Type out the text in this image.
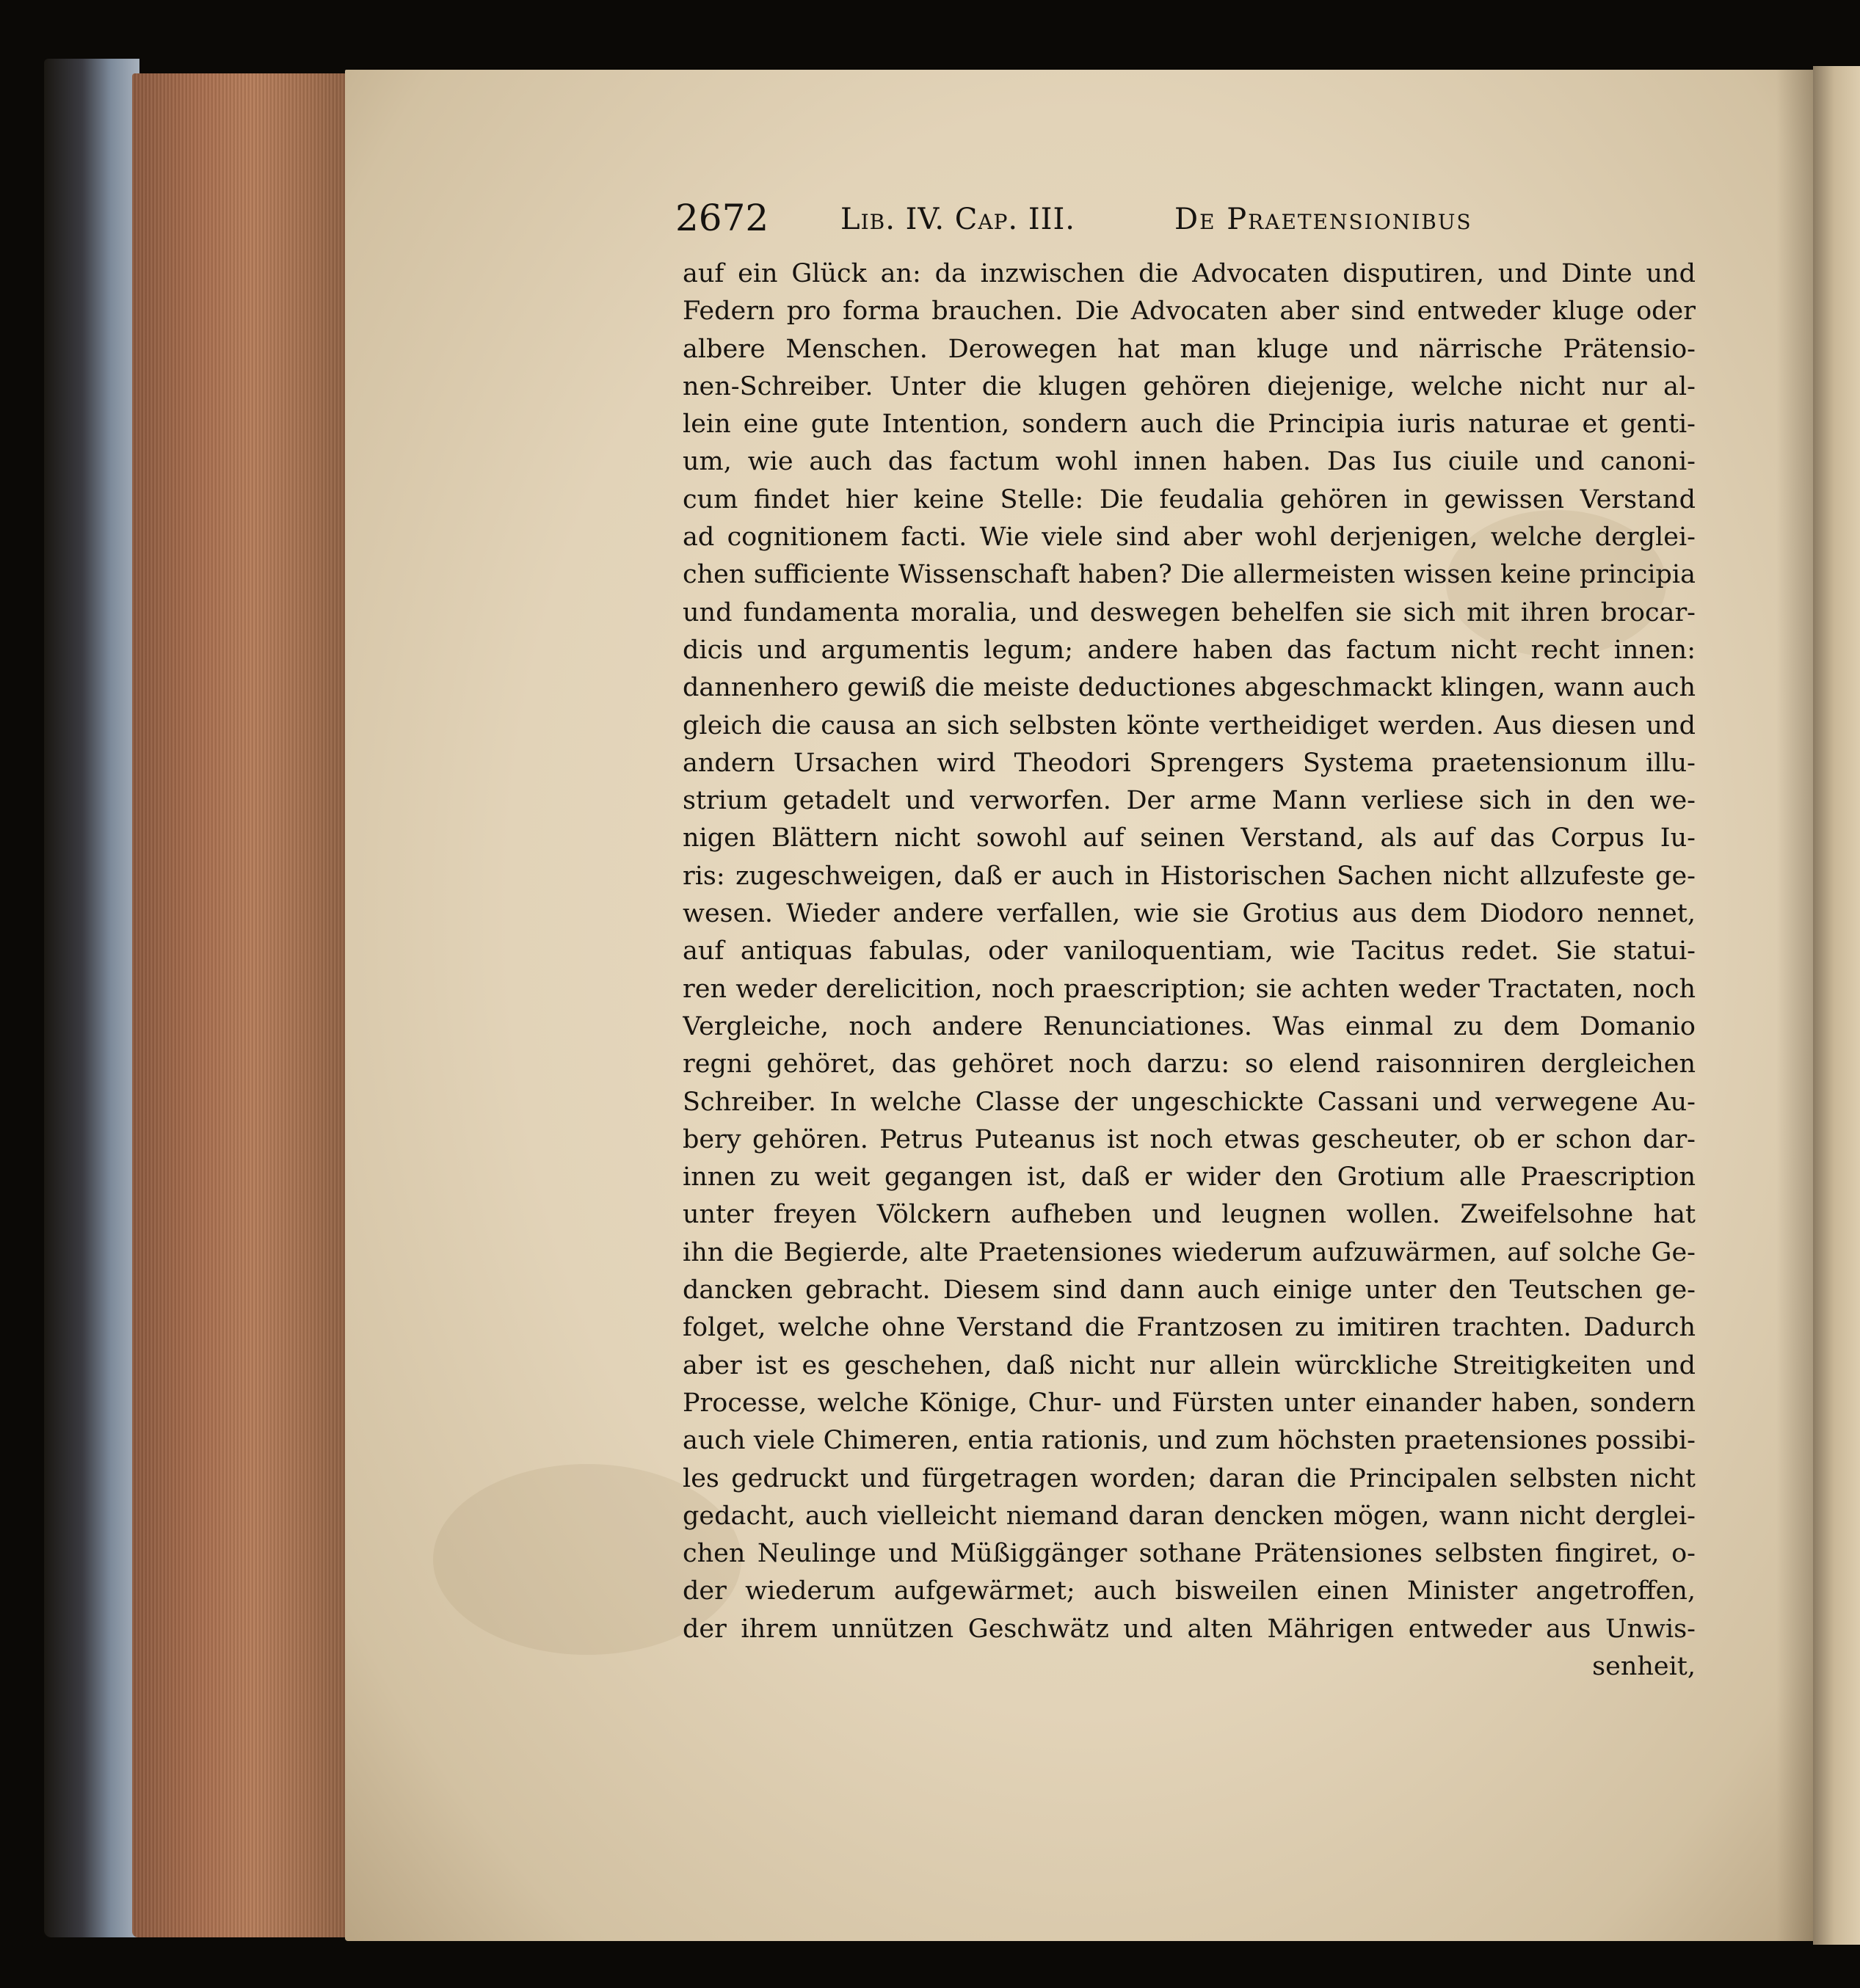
2672 Lib. IV. Cap. III.	De Praetensionibus
auf ein Glück an: da inzwischen die Advocaten disputiren, und Dinte und
Federn pro forma brauchen. Die Advocaten aber sind entweder kluge oder
albere Menschen. Derowegen hat man kluge und närrische Prätensio-
nen-Schreiber. Unter die klugen gehören diejenige, welche nicht nur al-
lein eine gute Intention, sondern auch die Principia iuris naturae et genti-
um, wie auch das factum wohl innen haben. Das Ius ciuile und canoni-
cum findet hier keine Stelle: Die feudalia gehören in gewissen Verstand
ad cognitionem facti. Wie viele sind aber wohl derjenigen, welche derglei-
chen sufficiente Wissenschaft haben? Die allermeisten wissen keine principia
und fundamenta moralia, und deswegen behelfen sie sich mit ihren brocar-
dicis und argumentis legum; andere haben das factum nicht recht innen:
dannenhero gewiß die meiste deductiones abgeschmackt klingen, wann auch
gleich die causa an sich selbsten könte vertheidiget werden. Aus diesen und
andern Ursachen wird Theodori Sprengers Systema praetensionum illu-
strium getadelt und verworfen. Der arme Mann verliese sich in den we-
nigen Blättern nicht sowohl auf seinen Verstand, als auf das Corpus Iu-
ris: zugeschweigen, daß er auch in Historischen Sachen nicht allzufeste ge-
wesen. Wieder andere verfallen, wie sie Grotius aus dem Diodoro nennet,
auf antiquas fabulas, oder vaniloquentiam, wie Tacitus redet. Sie statui-
ren weder derelicition, noch praescription; sie achten weder Tractaten, noch
Vergleiche, noch andere Renunciationes. Was einmal zu dem Domanio
regni gehöret, das gehöret noch darzu: so elend raisonniren dergleichen
Schreiber. In welche Classe der ungeschickte Cassani und verwegene Au-
bery gehören. Petrus Puteanus ist noch etwas gescheuter, ob er schon dar-
innen zu weit gegangen ist, daß er wider den Grotium alle Praescription
unter freyen Völckern aufheben und leugnen wollen. Zweifelsohne hat
ihn die Begierde, alte Praetensiones wiederum aufzuwärmen, auf solche Ge-
dancken gebracht. Diesem sind dann auch einige unter den Teutschen ge-
folget, welche ohne Verstand die Frantzosen zu imitiren trachten. Dadurch
aber ist es geschehen, daß nicht nur allein würckliche Streitigkeiten und
Processe, welche Könige, Chur- und Fürsten unter einander haben, sondern
auch viele Chimeren, entia rationis, und zum höchsten praetensiones possibi-
les gedruckt und fürgetragen worden; daran die Principalen selbsten nicht
gedacht, auch vielleicht niemand daran dencken mögen, wann nicht derglei-
chen Neulinge und Müßiggänger sothane Prätensiones selbsten fingiret, o-
der wiederum aufgewärmet; auch bisweilen einen Minister angetroffen,
der ihrem unnützen Geschwätz und alten Mährigen entweder aus Unwis-
senheit,
